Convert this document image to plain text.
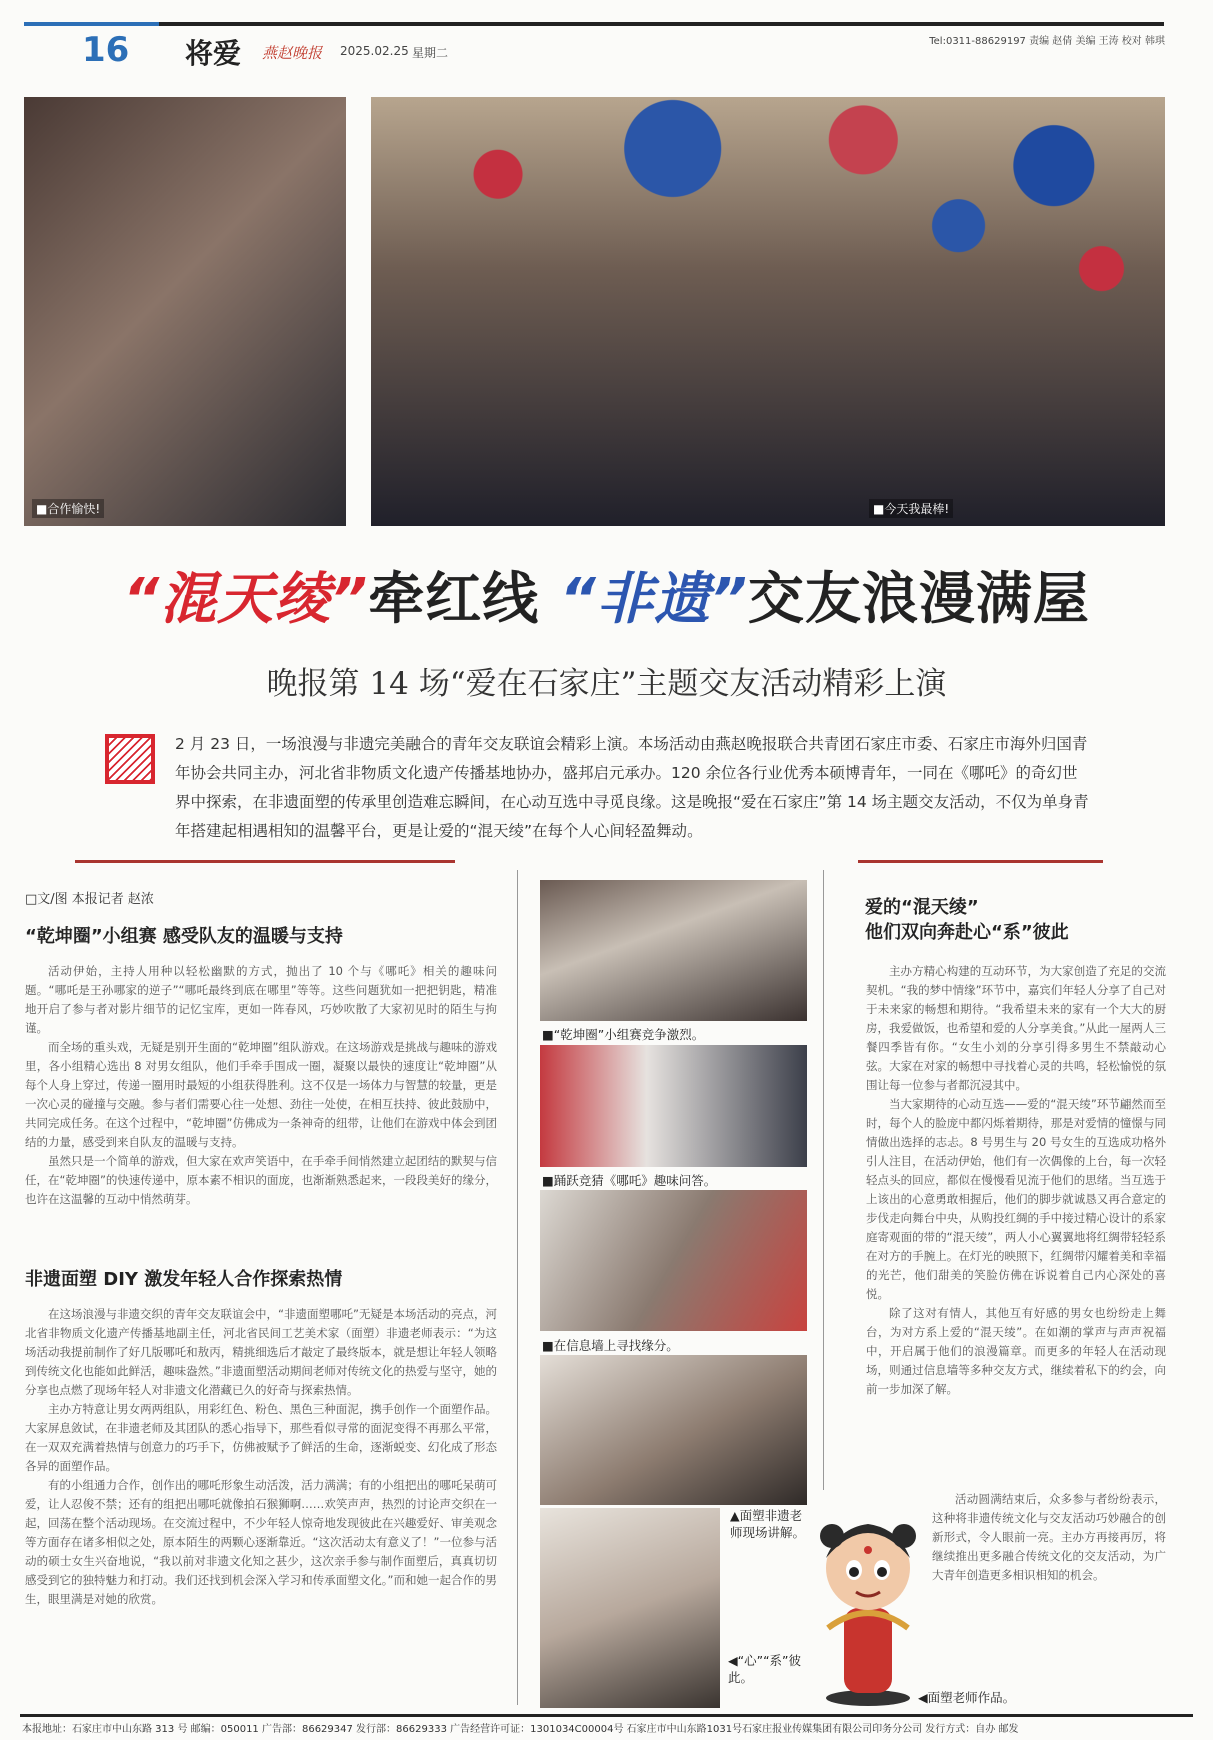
16 将爱 燕赵晚报 2025.02.25 星期二
Tel:0311-88629197 责编 赵倩 美编 王涛 校对 韩琪
■合作愉快!	■今天我最棒!
“混天绫”牵红线 “非遗”交友浪漫满屋
晚报第 14 场“爱在石家庄”主题交友活动精彩上演
2 月 23 日，一场浪漫与非遗完美融合的青年交友联谊会精彩上演。本场活动由燕赵晚报联合共青团石家庄市委、石家庄市海外归国青年协会共同主办，河北省非物质文化遗产传播基地协办，盛邦启元承办。120 余位各行业优秀本硕博青年，一同在《哪吒》的奇幻世界中探索，在非遗面塑的传承里创造难忘瞬间，在心动互选中寻觅良缘。这是晚报“爱在石家庄”第 14 场主题交友活动，不仅为单身青年搭建起相遇相知的温馨平台，更是让爱的“混天绫”在每个人心间轻盈舞动。
□文/图 本报记者 赵浓
“乾坤圈”小组赛 感受队友的温暖与支持

活动伊始，主持人用种以轻松幽默的方式，抛出了 10 个与《哪吒》相关的趣味问题。“哪吒是王孙哪家的逆子”“哪吒最终到底在哪里”等等。这些问题犹如一把把钥匙，精准地开启了参与者对影片细节的记忆宝库，更如一阵春风，巧妙吹散了大家初见时的陌生与拘谨。

而全场的重头戏，无疑是别开生面的“乾坤圈”组队游戏。在这场游戏是挑战与趣味的游戏里，各小组精心选出 8 对男女组队，他们手牵手围成一圈，凝聚以最快的速度让“乾坤圈”从每个人身上穿过，传递一圈用时最短的小组获得胜利。这不仅是一场体力与智慧的较量，更是一次心灵的碰撞与交融。参与者们需要心往一处想、劲往一处使，在相互扶持、彼此鼓励中，共同完成任务。在这个过程中，“乾坤圈”仿佛成为一条神奇的纽带，让他们在游戏中体会到团结的力量，感受到来自队友的温暖与支持。

虽然只是一个简单的游戏，但大家在欢声笑语中，在手牵手间悄然建立起团结的默契与信任，在“乾坤圈”的快速传递中，原本素不相识的面庞，也渐渐熟悉起来，一段段美好的缘分，也许在这温馨的互动中悄然萌芽。

非遗面塑 DIY 激发年轻人合作探索热情

在这场浪漫与非遗交织的青年交友联谊会中，“非遗面塑哪吒”无疑是本场活动的亮点，河北省非物质文化遗产传播基地副主任，河北省民间工艺美术家（面塑）非遗老师表示：“为这场活动我提前制作了好几版哪吒和敖丙，精挑细选后才敲定了最终版本，就是想让年轻人领略到传统文化也能如此鲜活，趣味盎然。”非遗面塑活动期间老师对传统文化的热爱与坚守，她的分享也点燃了现场年轻人对非遗文化潜藏已久的好奇与探索热情。

主办方特意让男女两两组队，用彩红色、粉色、黑色三种面泥，携手创作一个面塑作品。大家屏息敛试，在非遗老师及其团队的悉心指导下，那些看似寻常的面泥变得不再那么平常，在一双双充满着热情与创意力的巧手下，仿佛被赋予了鲜活的生命，逐渐蜕变、幻化成了形态各异的面塑作品。

有的小组通力合作，创作出的哪吒形象生动活泼，活力满满；有的小组把出的哪吒呆萌可爱，让人忍俊不禁；还有的组把出哪吒就像拍石猴狮啊……欢笑声声，热烈的讨论声交织在一起，回荡在整个活动现场。在交流过程中，不少年轻人惊奇地发现彼此在兴趣爱好、审美观念等方面存在诸多相似之处，原本陌生的两颗心逐渐靠近。“这次活动太有意义了！”一位参与活动的硕士女生兴奋地说，“我以前对非遗文化知之甚少，这次亲手参与制作面塑后，真真切切感受到它的独特魅力和打动。我们还找到机会深入学习和传承面塑文化。”而和她一起合作的男生，眼里满是对她的欣赏。

■“乾坤圈”小组赛竞争激烈。
■踊跃竞猜《哪吒》趣味问答。
■在信息墙上寻找缘分。
▲面塑非遗老师现场讲解。
◀“心”“系”彼此。
◀面塑老师作品。
爱的“混天绫”
他们双向奔赴心“系”彼此

主办方精心构建的互动环节，为大家创造了充足的交流契机。“我的梦中情缘”环节中，嘉宾们年轻人分享了自己对于未来家的畅想和期待。“我希望未来的家有一个大大的厨房，我爱做饭，也希望和爱的人分享美食。”从此一屋两人三餐四季皆有你。“女生小刘的分享引得多男生不禁敲动心弦。大家在对家的畅想中寻找着心灵的共鸣，轻松愉悦的氛围让每一位参与者都沉浸其中。

当大家期待的心动互选——爱的“混天绫”环节翩然而至时，每个人的脸庞中都闪烁着期待，那是对爱情的憧憬与同情做出选择的志忐。8 号男生与 20 号女生的互选成功格外引人注目，在活动伊始，他们有一次偶像的上台，每一次轻轻点头的回应，都似在慢慢看见流于他们的思绪。当互选于上该出的心意勇敢相握后，他们的脚步就诚恳又再合意定的步伐走向舞台中央，从购投红绸的手中接过精心设计的系家庭寄观面的带的“混天绫”，两人小心翼翼地将红绸带轻轻系在对方的手腕上。在灯光的映照下，红绸带闪耀着美和幸福的光芒，他们甜美的笑脸仿佛在诉说着自己内心深处的喜悦。

除了这对有情人，其他互有好感的男女也纷纷走上舞台，为对方系上爱的“混天绫”。在如潮的掌声与声声祝福中，开启属于他们的浪漫篇章。而更多的年轻人在活动现场，则通过信息墙等多种交友方式，继续着私下的约会，向前一步加深了解。

活动圆满结束后，众多参与者纷纷表示，这种将非遗传统文化与交友活动巧妙融合的创新形式，令人眼前一亮。主办方再接再厉，将继续推出更多融合传统文化的交友活动，为广大青年创造更多相识相知的机会。

本报地址：石家庄市中山东路 313 号 邮编：050011 广告部：86629347 发行部：86629333 广告经营许可证：1301034C00004号 石家庄市中山东路1031号石家庄报业传媒集团有限公司印务分公司 发行方式：自办 邮发
